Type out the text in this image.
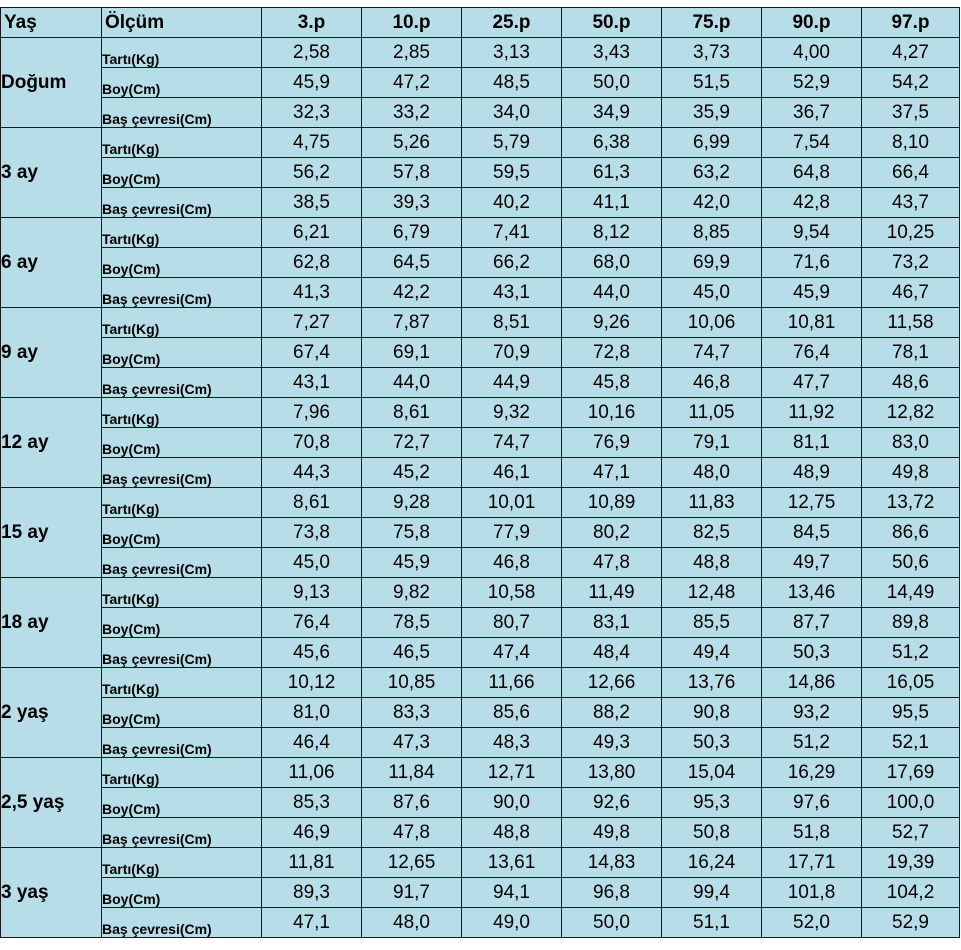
Yaş	Ölçüm	3.p	10.p	25.p	50.p	75.p	90.p	97.p
Doğum	Tartı(Kg)	2,58	2,85	3,13	3,43	3,73	4,00	4,27
	Boy(Cm)	45,9	47,2	48,5	50,0	51,5	52,9	54,2
	Baş çevresi(Cm)	32,3	33,2	34,0	34,9	35,9	36,7	37,5
3 ay	Tartı(Kg)	4,75	5,26	5,79	6,38	6,99	7,54	8,10
	Boy(Cm)	56,2	57,8	59,5	61,3	63,2	64,8	66,4
	Baş çevresi(Cm)	38,5	39,3	40,2	41,1	42,0	42,8	43,7
6 ay	Tartı(Kg)	6,21	6,79	7,41	8,12	8,85	9,54	10,25
	Boy(Cm)	62,8	64,5	66,2	68,0	69,9	71,6	73,2
	Baş çevresi(Cm)	41,3	42,2	43,1	44,0	45,0	45,9	46,7
9 ay	Tartı(Kg)	7,27	7,87	8,51	9,26	10,06	10,81	11,58
	Boy(Cm)	67,4	69,1	70,9	72,8	74,7	76,4	78,1
	Baş çevresi(Cm)	43,1	44,0	44,9	45,8	46,8	47,7	48,6
12 ay	Tartı(Kg)	7,96	8,61	9,32	10,16	11,05	11,92	12,82
	Boy(Cm)	70,8	72,7	74,7	76,9	79,1	81,1	83,0
	Baş çevresi(Cm)	44,3	45,2	46,1	47,1	48,0	48,9	49,8
15 ay	Tartı(Kg)	8,61	9,28	10,01	10,89	11,83	12,75	13,72
	Boy(Cm)	73,8	75,8	77,9	80,2	82,5	84,5	86,6
	Baş çevresi(Cm)	45,0	45,9	46,8	47,8	48,8	49,7	50,6
18 ay	Tartı(Kg)	9,13	9,82	10,58	11,49	12,48	13,46	14,49
	Boy(Cm)	76,4	78,5	80,7	83,1	85,5	87,7	89,8
	Baş çevresi(Cm)	45,6	46,5	47,4	48,4	49,4	50,3	51,2
2 yaş	Tartı(Kg)	10,12	10,85	11,66	12,66	13,76	14,86	16,05
	Boy(Cm)	81,0	83,3	85,6	88,2	90,8	93,2	95,5
	Baş çevresi(Cm)	46,4	47,3	48,3	49,3	50,3	51,2	52,1
2,5 yaş	Tartı(Kg)	11,06	11,84	12,71	13,80	15,04	16,29	17,69
	Boy(Cm)	85,3	87,6	90,0	92,6	95,3	97,6	100,0
	Baş çevresi(Cm)	46,9	47,8	48,8	49,8	50,8	51,8	52,7
3 yaş	Tartı(Kg)	11,81	12,65	13,61	14,83	16,24	17,71	19,39
	Boy(Cm)	89,3	91,7	94,1	96,8	99,4	101,8	104,2
	Baş çevresi(Cm)	47,1	48,0	49,0	50,0	51,1	52,0	52,9
